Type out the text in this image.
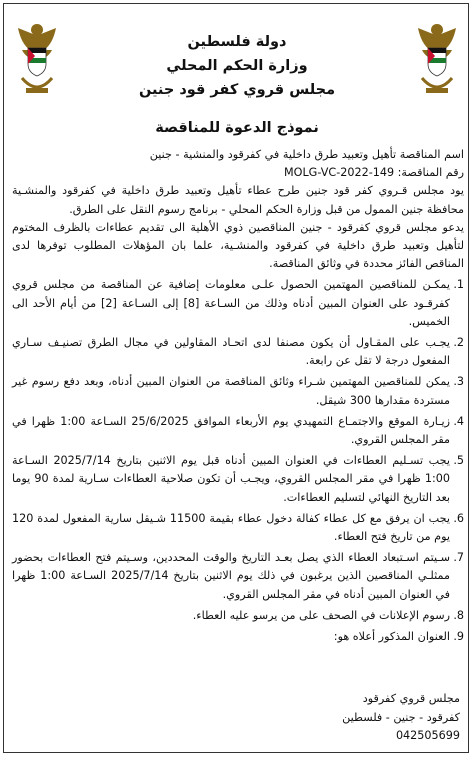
دولة فلسطين
وزارة الحكم المحلي
مجلس قروي كفر قود جنين
نموذج الدعوة للمناقصة

اسم المناقصة تأهيل وتعبيد طرق داخلية في كفرقود والمنشية - جنين

رقم المناقصة: MOLG-VC-2022-149

يود مجلس قـروي كفر قود جنين طرح عطاء تأهيل وتعبيد طرق داخلية في كفرقود والمنشـية محافظة جنين الممول من قبل وزارة الحكم المحلي - برنامج رسوم النقل على الطرق.

يدعو مجلس قروي كفرقود - جنين المناقصين ذوي الأهلية الى تقديم عطاءات بالظرف المختوم لتأهيل وتعبيد طرق داخلية في كفرقود والمنشـية، علما بان المؤهلات المطلوب توفرها لدى المناقص الفائز محددة في وثائق المناقصة.

1.
يمكـن للمناقصين المهتمين الحصول علـى معلومات إضافية عن المناقصة من مجلس قروي كفرقـود على العنوان المبين أدناه وذلك من السـاعة [8] إلى السـاعة [2] من أيام الأحد الى الخميس.
2.
يجـب على المقـاول أن يكون مصنفا لدى اتحـاد المقاولين في مجال الطرق تصنيـف سـاري المفعول درجة لا تقل عن رابعة.
3.
يمكن للمناقصين المهتمين شـراء وثائق المناقصة من العنوان المبين أدناه، وبعد دفع رسوم غير مستردة مقدارها 300 شيقل.
4.
زيـارة الموقع والاجتمـاع التمهيدي يوم الأربعاء الموافق 25/6/2025 السـاعة 1:00 ظهرا في مقر المجلس القروي.
5.
يجب تسـليم العطاءات في العنوان المبين أدناه قبل يوم الاثنين بتاريخ 2025/7/14 السـاعة 1:00 ظهرا في مقر المجلس القروي، ويجـب أن تكون صلاحية العطاءات سـارية لمدة 90 يوما بعد التاريخ النهائي لتسليم العطاءات.
6.
يجب ان يرفق مع كل عطاء كفالة دخول عطاء بقيمة 11500 شـيقل سارية المفعول لمدة 120 يوم من تاريخ فتح العطاء.
7.
سـيتم اسـتبعاد العطاء الذي يصل بعـد التاريخ والوقت المحددين، وسـيتم فتح العطاءات بحضور ممثلـي المناقصين الذين يرغبون في ذلك يوم الاثنين بتاريخ 2025/7/14 السـاعة 1:00 ظهرا في العنوان المبين أدناه في مقر المجلس القروي.
8.
رسوم الإعلانات في الصحف على من يرسو عليه العطاء.
9.
العنوان المذكور أعلاه هو:
مجلس قروي كفرقود
كفرقود - جنين - فلسطين
042505699
